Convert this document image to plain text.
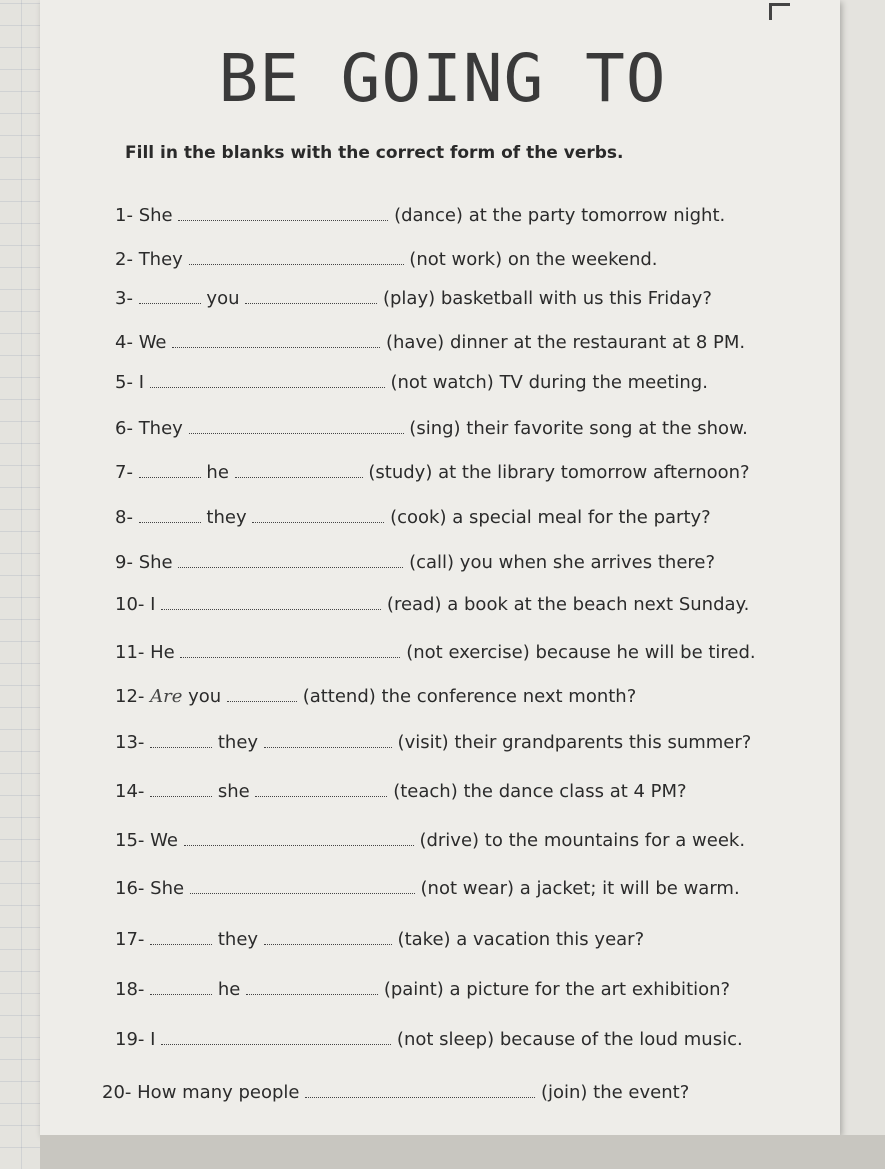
BE GOING TO
Fill in the blanks with the correct form of the verbs.
1- She	(dance) at the party tomorrow night.
2- They	(not work) on the weekend.
3-	you	(play) basketball with us this Friday?
4- We	(have) dinner at the restaurant at 8 PM.
5- I	(not watch) TV during the meeting.
6- They	(sing) their favorite song at the show.
7-	he	(study) at the library tomorrow afternoon?
8-	they	(cook) a special meal for the party?
9- She	(call) you when she arrives there?
10- I	(read) a book at the beach next Sunday.
11- He	(not exercise) because he will be tired.
12- Are you	(attend) the conference next month?
13-	they	(visit) their grandparents this summer?
14-	she	(teach) the dance class at 4 PM?
15- We	(drive) to the mountains for a week.
16- She	(not wear) a jacket; it will be warm.
17-	they	(take) a vacation this year?
18-	he	(paint) a picture for the art exhibition?
19- I	(not sleep) because of the loud music.
20- How many people	(join) the event?
